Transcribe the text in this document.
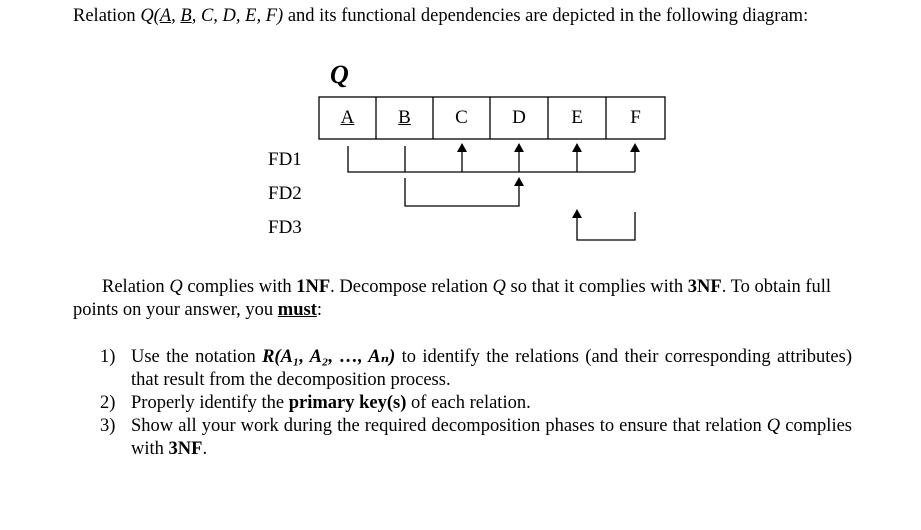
Relation Q(A, B, C, D, E, F) and its functional dependencies are depicted in the following diagram:
Q
A	B	C	D	E	F
FD1
FD2
FD3
Relation Q complies with 1NF. Decompose relation Q so that it complies with 3NF. To obtain full points on your answer, you must:
1) Use the notation R(A₁, A₂, …, Aₙ) to identify the relations (and their corresponding attributes) that result from the decomposition process.
2) Properly identify the primary key(s) of each relation.
3) Show all your work during the required decomposition phases to ensure that relation Q complies with 3NF.
